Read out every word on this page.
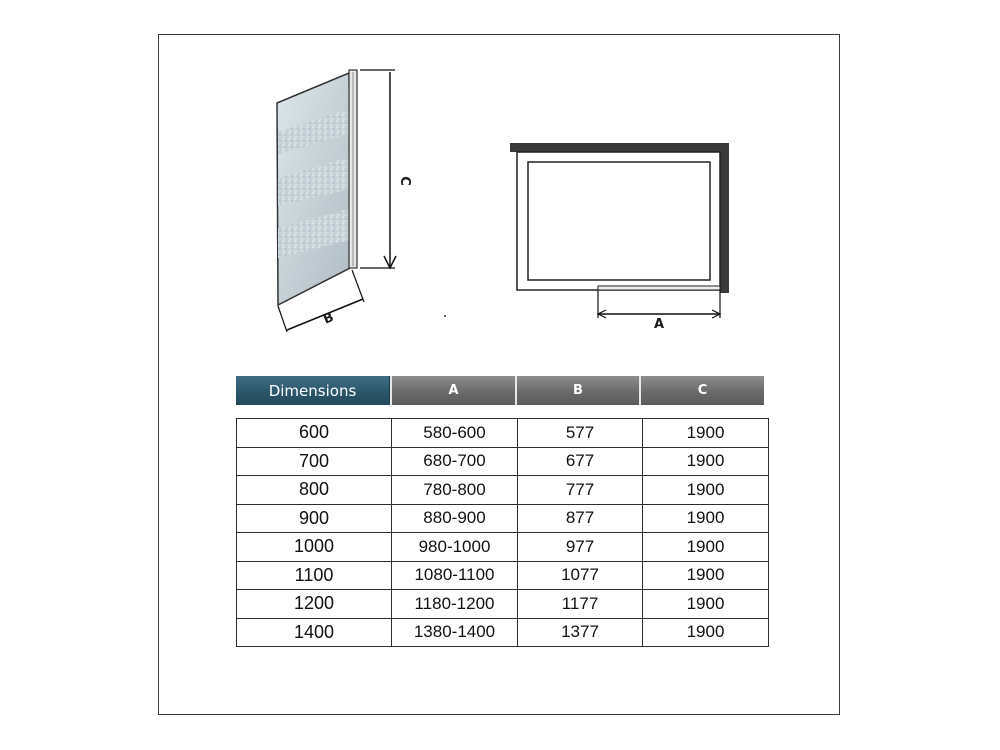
C
B	A
Dimensions	A	B	C
600	580-600	577	1900
700	680-700	677	1900
800	780-800	777	1900
900	880-900	877	1900
1000	980-1000	977	1900
1100	1080-1100	1077	1900
1200	1180-1200	1177	1900
1400	1380-1400	1377	1900
